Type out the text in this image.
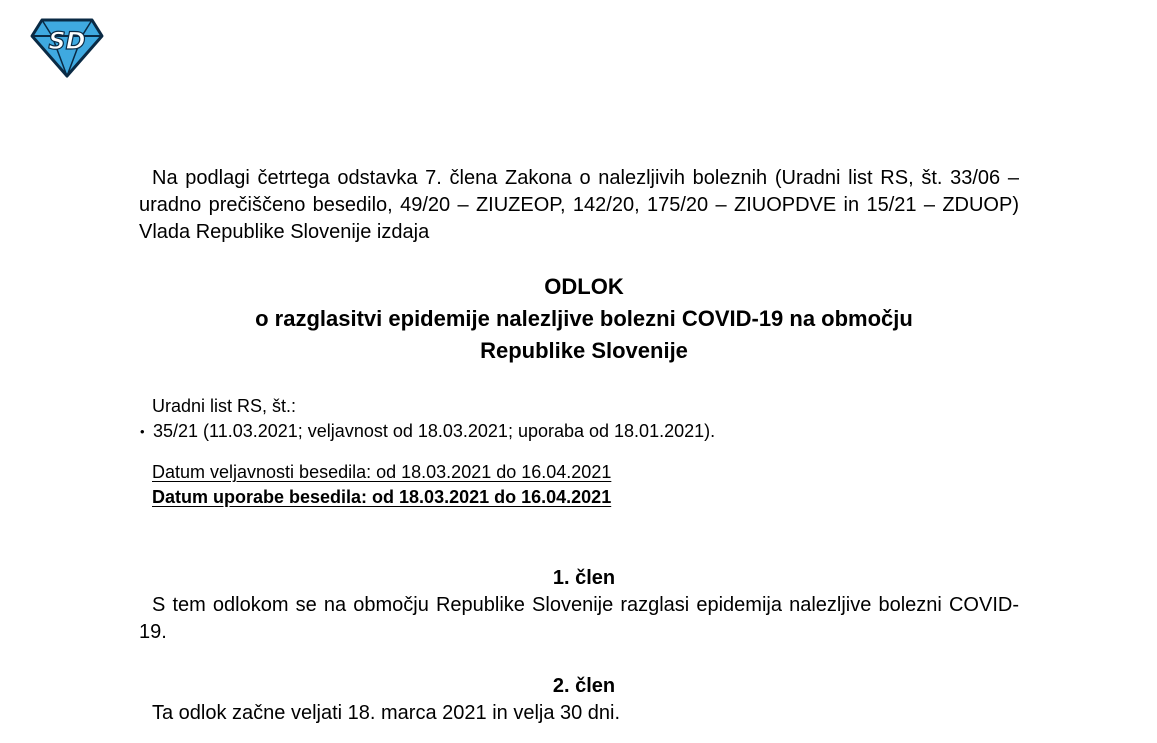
SD
Na podlagi četrtega odstavka 7. člena Zakona o nalezljivih boleznih (Uradni list RS, št. 33/06 – uradno prečiščeno besedilo, 49/20 – ZIUZEOP, 142/20, 175/20 – ZIUOPDVE in 15/21 – ZDUOP) Vlada Republike Slovenije izdaja
ODLOK
o razglasitvi epidemije nalezljive bolezni COVID-19 na območju
Republike Slovenije
Uradni list RS, št.:
• 35/21 (11.03.2021; veljavnost od 18.03.2021; uporaba od 18.01.2021).
Datum veljavnosti besedila: od 18.03.2021 do 16.04.2021
Datum uporabe besedila: od 18.03.2021 do 16.04.2021
1. člen
S tem odlokom se na območju Republike Slovenije razglasi epidemija nalezljive bolezni COVID-19.
2. člen
Ta odlok začne veljati 18. marca 2021 in velja 30 dni.
